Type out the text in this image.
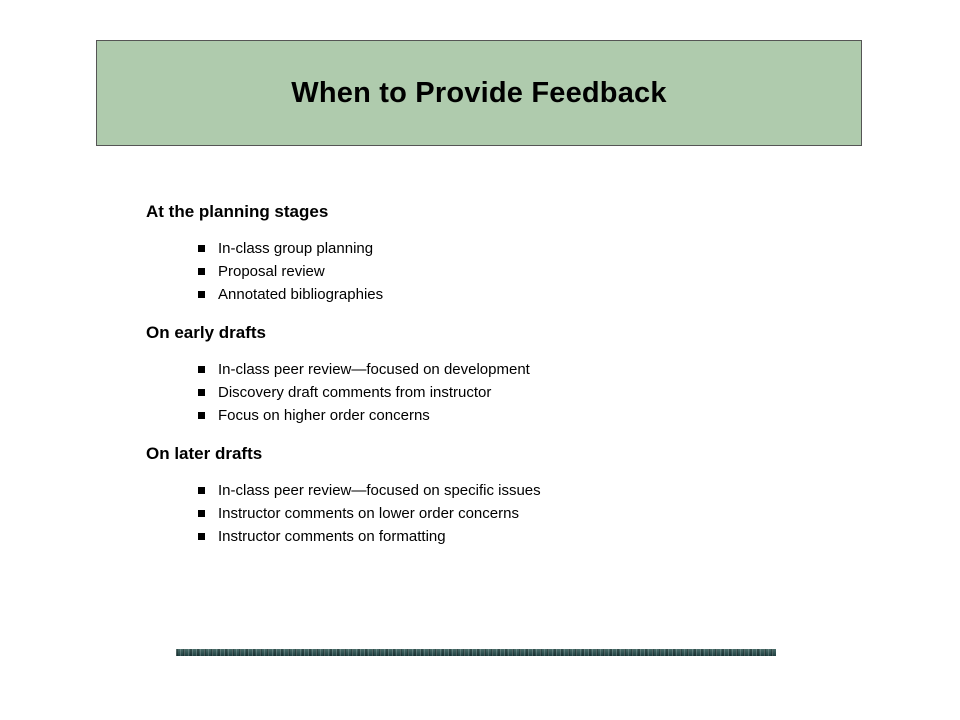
When to Provide Feedback
At the planning stages
In-class group planning
Proposal review
Annotated bibliographies
On early drafts
In-class peer review—focused on development
Discovery draft comments from instructor
Focus on higher order concerns
On later drafts
In-class peer review—focused on specific issues
Instructor comments on lower order concerns
Instructor comments on formatting
